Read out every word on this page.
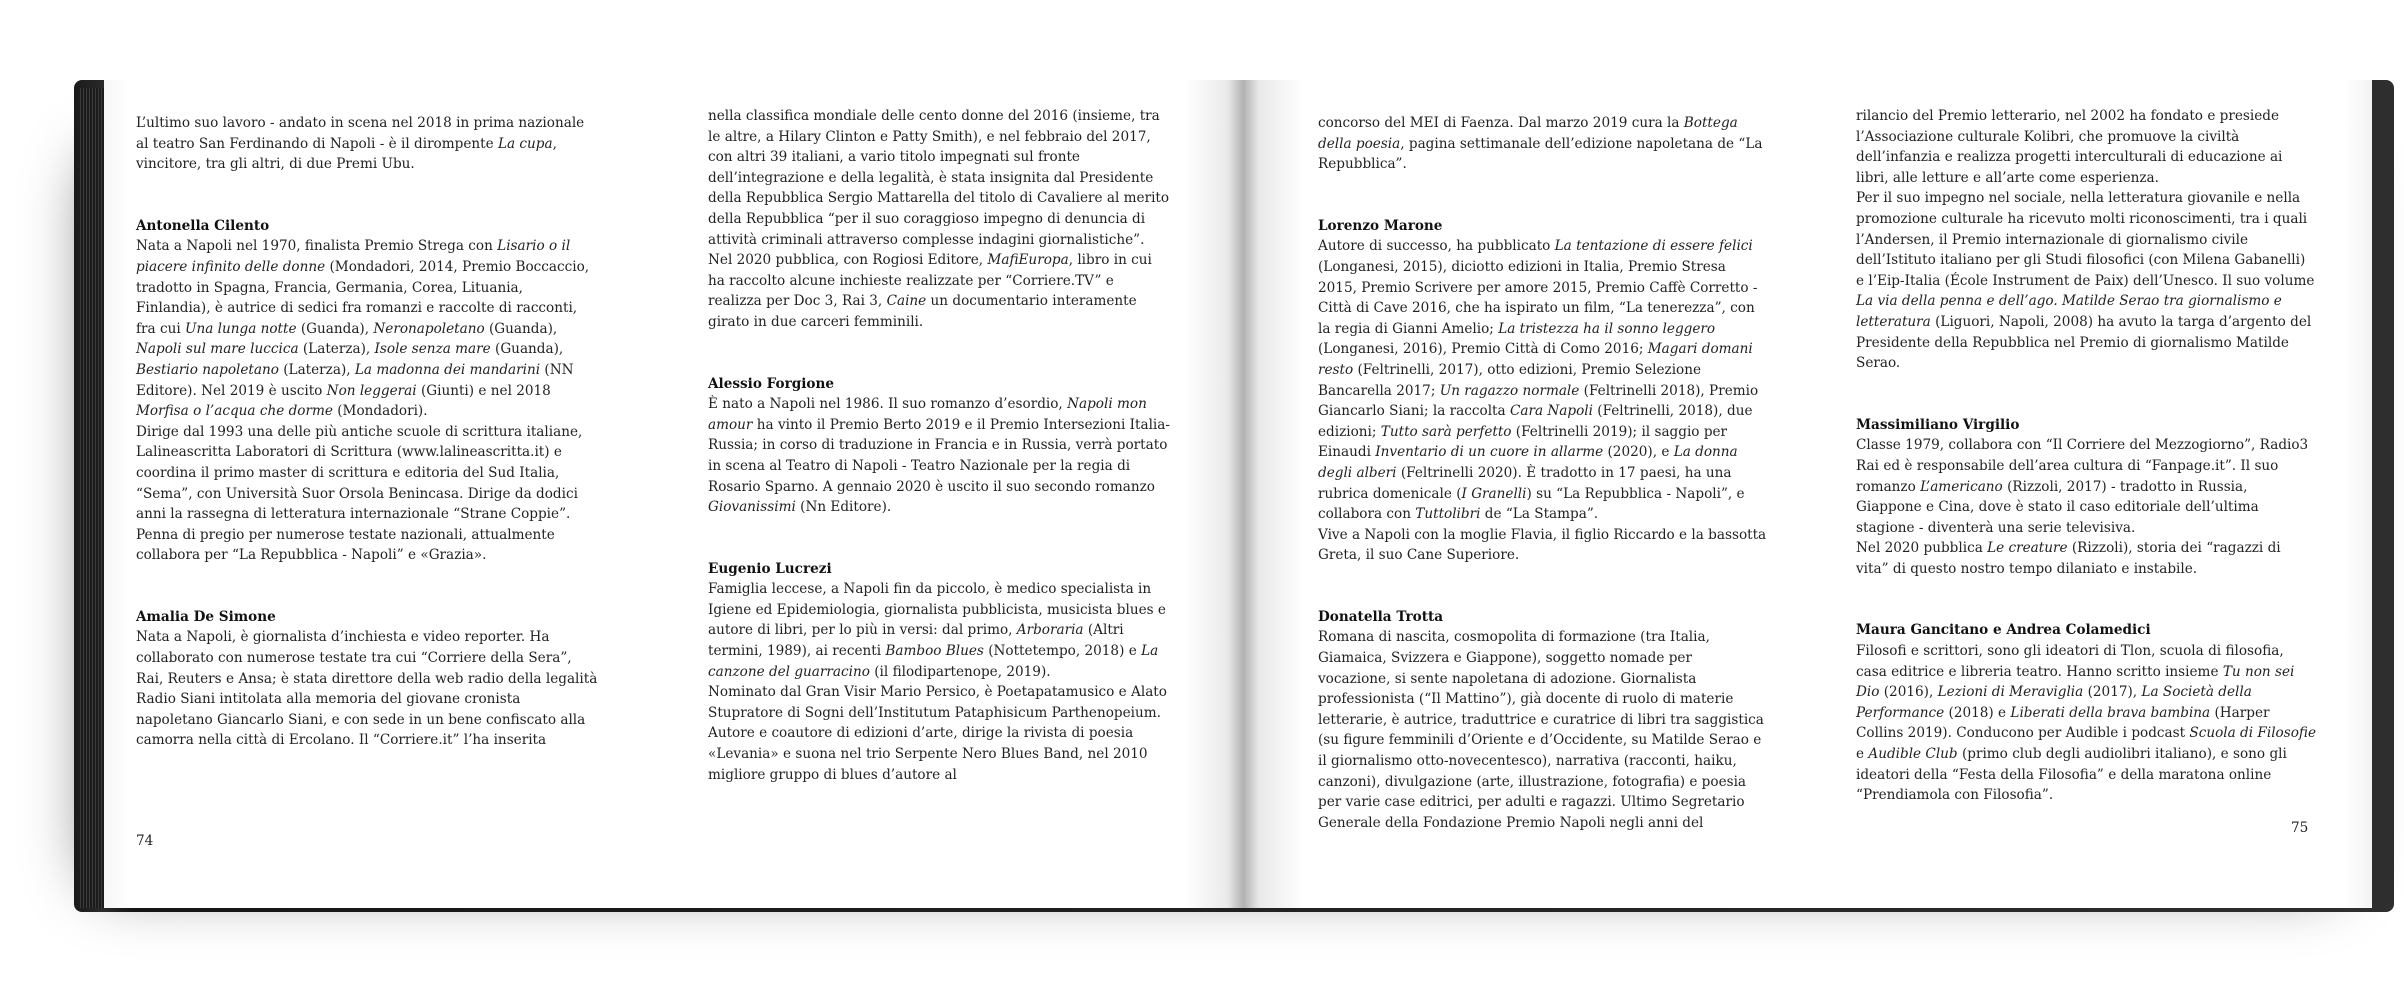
L’ultimo suo lavoro - andato in scena nel 2018 in prima nazionale al teatro San Ferdinando di Napoli - è il dirompente La cupa, vincitore, tra gli altri, di due Premi Ubu.

Antonella Cilento

Nata a Napoli nel 1970, finalista Premio Strega con Lisario o il piacere infinito delle donne (Mondadori, 2014, Premio Boccaccio, tradotto in Spagna, Francia, Germania, Corea, Lituania, Finlandia), è autrice di sedici fra romanzi e raccolte di racconti, fra cui Una lunga notte (Guanda), Neronapoletano (Guanda), Napoli sul mare luccica (Laterza), Isole senza mare (Guanda), Bestiario napoletano (Laterza), La madonna dei mandarini (NN Editore). Nel 2019 è uscito Non leggerai (Giunti) e nel 2018 Morfisa o l’acqua che dorme (Mondadori).

Dirige dal 1993 una delle più antiche scuole di scrittura italiane, Lalineascritta Laboratori di Scrittura (www.lalineascritta.it) e coordina il primo master di scrittura e editoria del Sud Italia, “Sema”, con Università Suor Orsola Benincasa. Dirige da dodici anni la rassegna di letteratura internazionale “Strane Coppie”.

Penna di pregio per numerose testate nazionali, attualmente collabora per “La Repubblica - Napoli” e «Grazia».

Amalia De Simone

Nata a Napoli, è giornalista d’inchiesta e video reporter. Ha collaborato con numerose testate tra cui “Corriere della Sera”, Rai, Reuters e Ansa; è stata direttore della web radio della legalità Radio Siani intitolata alla memoria del giovane cronista napoletano Giancarlo Siani, e con sede in un bene confiscato alla camorra nella città di Ercolano. Il “Corriere.it” l’ha inserita

nella classifica mondiale delle cento donne del 2016 (insieme, tra le altre, a Hilary Clinton e Patty Smith), e nel febbraio del 2017, con altri 39 italiani, a vario titolo impegnati sul fronte dell’integrazione e della legalità, è stata insignita dal Presidente della Repubblica Sergio Mattarella del titolo di Cavaliere al merito della Repubblica “per il suo coraggioso impegno di denuncia di attività criminali attraverso complesse indagini giornalistiche”. Nel 2020 pubblica, con Rogiosi Editore, MafiEuropa, libro in cui ha raccolto alcune inchieste realizzate per “Corriere.TV” e realizza per Doc 3, Rai 3, Caine un documentario interamente girato in due carceri femminili.

Alessio Forgione

È nato a Napoli nel 1986. Il suo romanzo d’esordio, Napoli mon amour ha vinto il Premio Berto 2019 e il Premio Intersezioni Italia-Russia; in corso di traduzione in Francia e in Russia, verrà portato in scena al Teatro di Napoli - Teatro Nazionale per la regia di Rosario Sparno. A gennaio 2020 è uscito il suo secondo romanzo Giovanissimi (Nn Editore).

Eugenio Lucrezi

Famiglia leccese, a Napoli fin da piccolo, è medico specialista in Igiene ed Epidemiologia, giornalista pubblicista, musicista blues e autore di libri, per lo più in versi: dal primo, Arboraria (Altri termini, 1989), ai recenti Bamboo Blues (Nottetempo, 2018) e La canzone del guarracino (il filodipartenope, 2019).

Nominato dal Gran Visir Mario Persico, è Poetapatamusico e Alato Stupratore di Sogni dell’Institutum Pataphisicum Parthenopeium. Autore e coautore di edizioni d’arte, dirige la rivista di poesia «Levania» e suona nel trio Serpente Nero Blues Band, nel 2010 migliore gruppo di blues d’autore al

74

concorso del MEI di Faenza. Dal marzo 2019 cura la Bottega della poesia, pagina settimanale dell’edizione napoletana de “La Repubblica”.

Lorenzo Marone

Autore di successo, ha pubblicato La tentazione di essere felici (Longanesi, 2015), diciotto edizioni in Italia, Premio Stresa 2015, Premio Scrivere per amore 2015, Premio Caffè Corretto - Città di Cave 2016, che ha ispirato un film, “La tenerezza”, con la regia di Gianni Amelio; La tristezza ha il sonno leggero (Longanesi, 2016), Premio Città di Como 2016; Magari domani resto (Feltrinelli, 2017), otto edizioni, Premio Selezione Bancarella 2017; Un ragazzo normale (Feltrinelli 2018), Premio Giancarlo Siani; la raccolta Cara Napoli (Feltrinelli, 2018), due edizioni; Tutto sarà perfetto (Feltrinelli 2019); il saggio per Einaudi Inventario di un cuore in allarme (2020), e La donna degli alberi (Feltrinelli 2020). È tradotto in 17 paesi, ha una rubrica domenicale (I Granelli) su “La Repubblica - Napoli”, e collabora con Tuttolibri de “La Stampa”.

Vive a Napoli con la moglie Flavia, il figlio Riccardo e la bassotta Greta, il suo Cane Superiore.

Donatella Trotta

Romana di nascita, cosmopolita di formazione (tra Italia, Giamaica, Svizzera e Giappone), soggetto nomade per vocazione, si sente napoletana di adozione. Giornalista professionista (“Il Mattino”), già docente di ruolo di materie letterarie, è autrice, traduttrice e curatrice di libri tra saggistica (su figure femminili d’Oriente e d’Occidente, su Matilde Serao e il giornalismo otto-novecentesco), narrativa (racconti, haiku, canzoni), divulgazione (arte, illustrazione, fotografia) e poesia per varie case editrici, per adulti e ragazzi. Ultimo Segretario Generale della Fondazione Premio Napoli negli anni del

rilancio del Premio letterario, nel 2002 ha fondato e presiede l’Associazione culturale Kolibri, che promuove la civiltà dell’infanzia e realizza progetti interculturali di educazione ai libri, alle letture e all’arte come esperienza.

Per il suo impegno nel sociale, nella letteratura giovanile e nella promozione culturale ha ricevuto molti riconoscimenti, tra i quali l’Andersen, il Premio internazionale di giornalismo civile dell’Istituto italiano per gli Studi filosofici (con Milena Gabanelli) e l’Eip-Italia (École Instrument de Paix) dell’Unesco. Il suo volume La via della penna e dell’ago. Matilde Serao tra giornalismo e letteratura (Liguori, Napoli, 2008) ha avuto la targa d’argento del Presidente della Repubblica nel Premio di giornalismo Matilde Serao.

Massimiliano Virgilio

Classe 1979, collabora con “Il Corriere del Mezzogiorno”, Radio3 Rai ed è responsabile dell’area cultura di “Fanpage.it”. Il suo romanzo L’americano (Rizzoli, 2017) - tradotto in Russia, Giappone e Cina, dove è stato il caso editoriale dell’ultima stagione - diventerà una serie televisiva.

Nel 2020 pubblica Le creature (Rizzoli), storia dei “ragazzi di vita” di questo nostro tempo dilaniato e instabile.

Maura Gancitano e Andrea Colamedici

Filosofi e scrittori, sono gli ideatori di Tlon, scuola di filosofia, casa editrice e libreria teatro. Hanno scritto insieme Tu non sei Dio (2016), Lezioni di Meraviglia (2017), La Società della Performance (2018) e Liberati della brava bambina (Harper Collins 2019). Conducono per Audible i podcast Scuola di Filosofie e Audible Club (primo club degli audiolibri italiano), e sono gli ideatori della “Festa della Filosofia” e della maratona online “Prendiamola con Filosofia”.

75
